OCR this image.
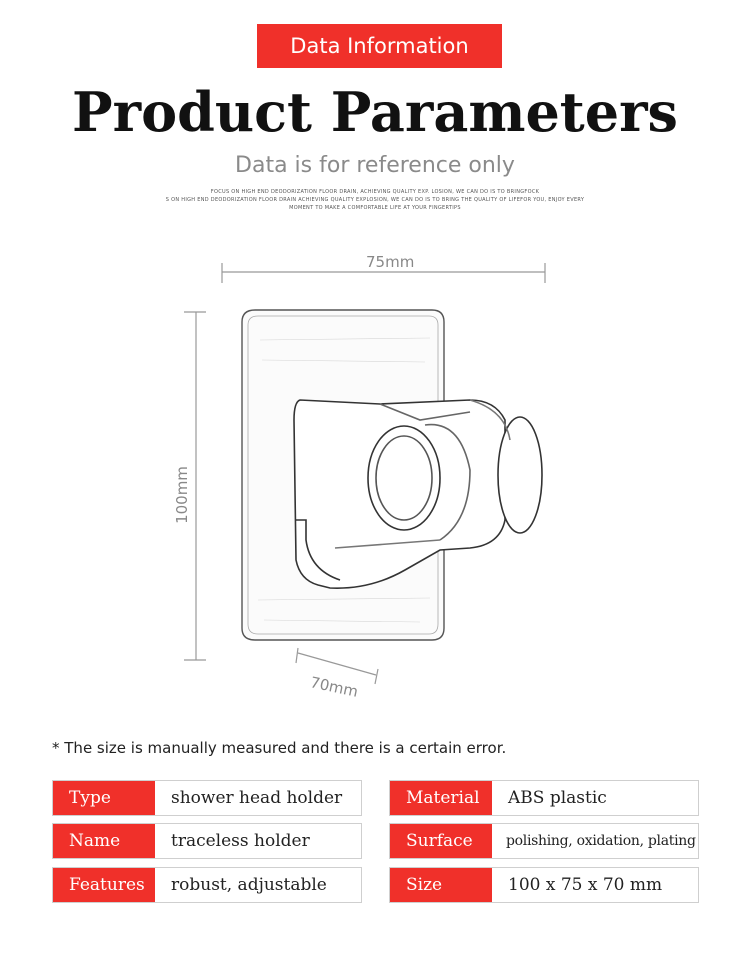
Data Information
Product Parameters
Data is for reference only
FOCUS ON HIGH END DEODORIZATION FLOOR DRAIN, ACHIEVING QUALITY EXP. LOSION, WE CAN DO IS TO BRINGFOCK
S ON HIGH END DEODORIZATION FLOOR DRAIN ACHIEVING QUALITY EXPLOSION, WE CAN DO IS TO BRING THE QUALITY OF LIFEFOR YOU, ENJOY EVERY
MOMENT TO MAKE A COMFORTABLE LIFE AT YOUR FINGERTIPS
75mm
100mm
70mm
* The size is manually measured and there is a certain error.
Type	shower head holder
Name	traceless holder
Features	robust, adjustable
Material	ABS plastic
Surface	polishing, oxidation, plating
Size	100 x 75 x 70 mm
